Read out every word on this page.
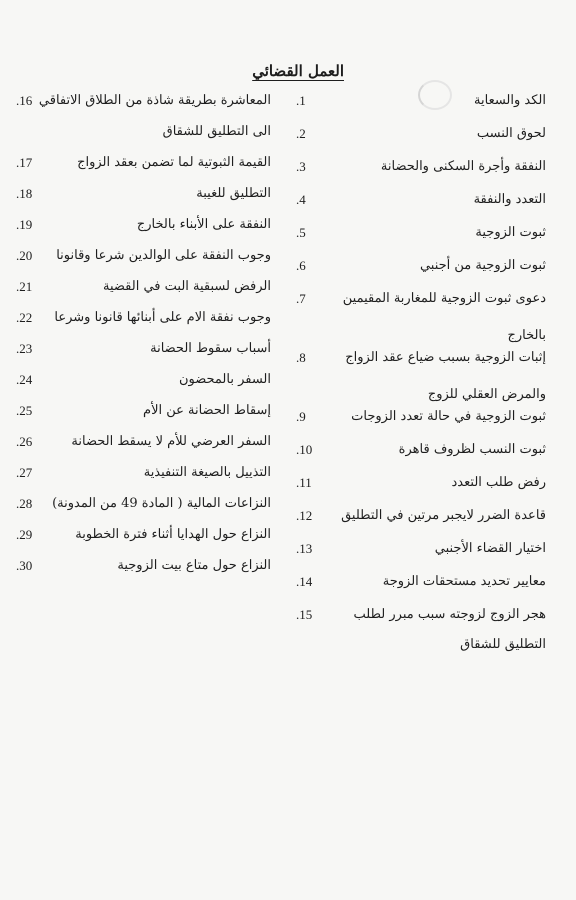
العمل القضائي
الكد والسعاية
.1
لحوق النسب
.2
النفقة وأجرة السكنى والحضانة
.3
التعدد والنفقة
.4
ثبوت الزوجية
.5
ثبوت الزوجية من أجنبي
.6
دعوى ثبوت الزوجية للمغاربة المقيمين
بالخارج
.7
إثبات الزوجية بسبب ضياع عقد الزواج
والمرض العقلي للزوج
.8
ثبوت الزوجية في حالة تعدد الزوجات
.9
ثبوت النسب لظروف قاهرة
.10
رفض طلب التعدد
.11
قاعدة الضرر لايجبر مرتين في التطليق
.12
اختيار القضاء الأجنبي
.13
معايير تحديد مستحقات الزوجة
.14
هجر الزوج لزوجته سبب مبرر لطلب
التطليق للشقاق
.15
المعاشرة بطريقة شاذة من الطلاق الاتفاقي
الى التطليق للشقاق
.16
القيمة الثبوتية لما تضمن بعقد الزواج
.17
التطليق للغيبة
.18
النفقة على الأبناء بالخارج
.19
وجوب النفقة على الوالدين شرعا وقانونا
.20
الرفض لسبقية البت في القضية
.21
وجوب نفقة الام على أبنائها قانونا وشرعا
.22
أسباب سقوط الحضانة
.23
السفر بالمحضون
.24
إسقاط الحضانة عن الأم
.25
السفر العرضي للأم لا يسقط الحضانة
.26
التذييل بالصيغة التنفيذية
.27
النزاعات المالية ( المادة 49 من المدونة)
.28
النزاع حول الهدايا أثناء فترة الخطوبة
.29
النزاع حول متاع بيت الزوجية
.30
